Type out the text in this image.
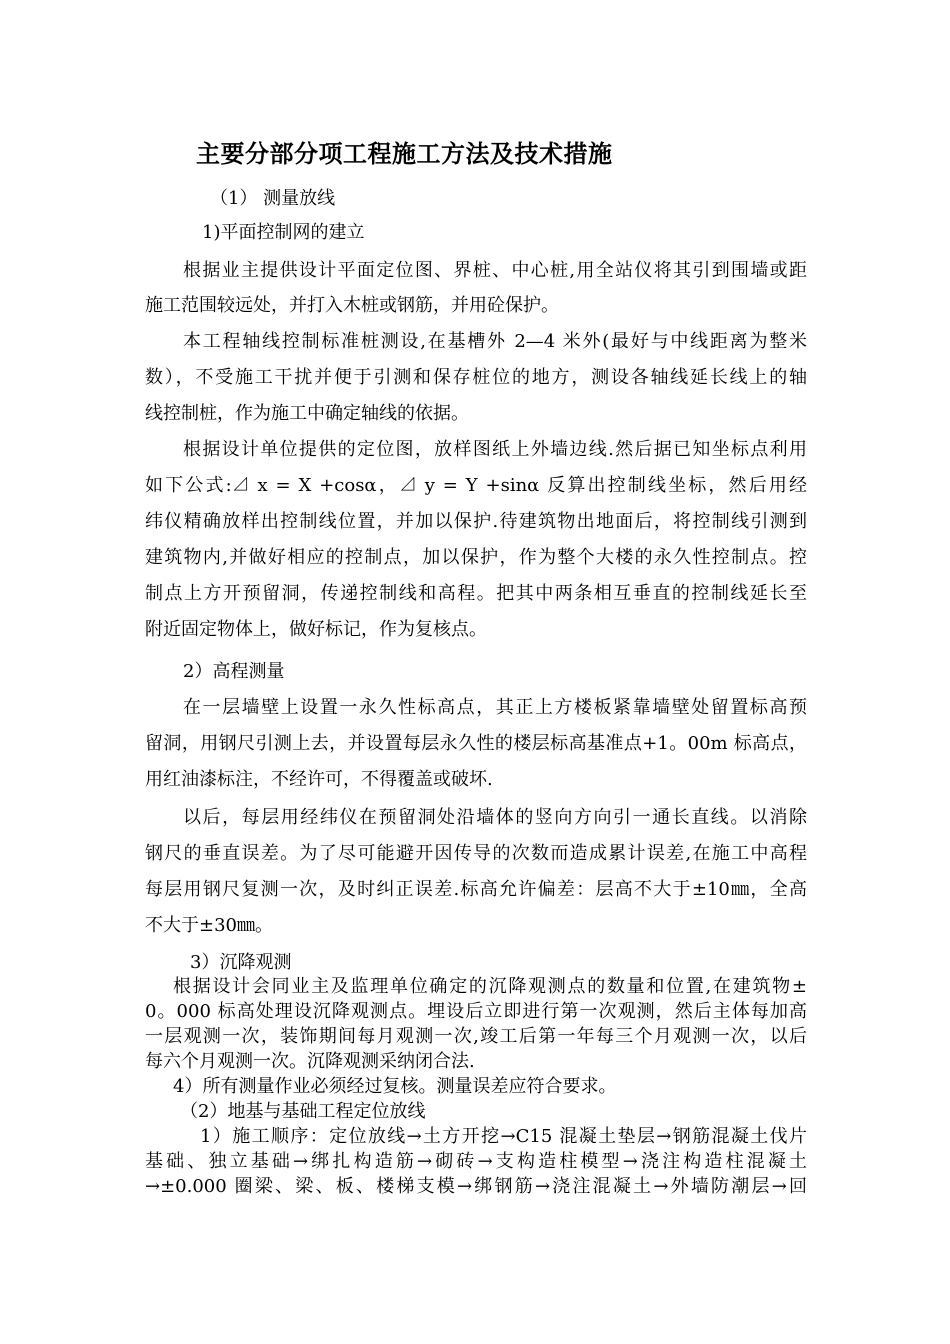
主要分部分项工程施工方法及技术措施
（1） 测量放线
1)平面控制网的建立
根据业主提供设计平面定位图、界桩、中心桩,用全站仪将其引到围墙或距
施工范围较远处，并打入木桩或钢筋，并用砼保护。
本工程轴线控制标准桩测设,在基槽外 2—4 米外(最好与中线距离为整米
数），不受施工干扰并便于引测和保存桩位的地方，测设各轴线延长线上的轴
线控制桩，作为施工中确定轴线的依据。
根据设计单位提供的定位图，放样图纸上外墙边线.然后据已知坐标点利用
如下公式:⊿ x = X +cosα，⊿ y = Y +sinα 反算出控制线坐标，然后用经
纬仪精确放样出控制线位置，并加以保护.待建筑物出地面后，将控制线引测到
建筑物内,并做好相应的控制点，加以保护，作为整个大楼的永久性控制点。控
制点上方开预留洞，传递控制线和高程。把其中两条相互垂直的控制线延长至
附近固定物体上，做好标记，作为复核点。
2）高程测量
在一层墙壁上设置一永久性标高点，其正上方楼板紧靠墙壁处留置标高预
留洞，用钢尺引测上去，并设置每层永久性的楼层标高基准点+1。00m 标高点，
用红油漆标注，不经许可，不得覆盖或破坏.
以后，每层用经纬仪在预留洞处沿墙体的竖向方向引一通长直线。以消除
钢尺的垂直误差。为了尽可能避开因传导的次数而造成累计误差,在施工中高程
每层用钢尺复测一次，及时纠正误差.标高允许偏差：层高不大于±10㎜，全高
不大于±30㎜。
3）沉降观测
根据设计会同业主及监理单位确定的沉降观测点的数量和位置,在建筑物±
0。000 标高处理设沉降观测点。埋设后立即进行第一次观测，然后主体每加高
一层观测一次，装饰期间每月观测一次,竣工后第一年每三个月观测一次，以后
每六个月观测一次。沉降观测采纳闭合法.
4）所有测量作业必须经过复核。测量误差应符合要求。
（2）地基与基础工程定位放线
1）施工顺序：定位放线→土方开挖→C15 混凝土垫层→钢筋混凝土伐片
基础、独立基础→绑扎构造筋→砌砖→支构造柱模型→浇注构造柱混凝土
→±0.000 圈梁、梁、板、楼梯支模→绑钢筋→浇注混凝土→外墙防潮层→回
